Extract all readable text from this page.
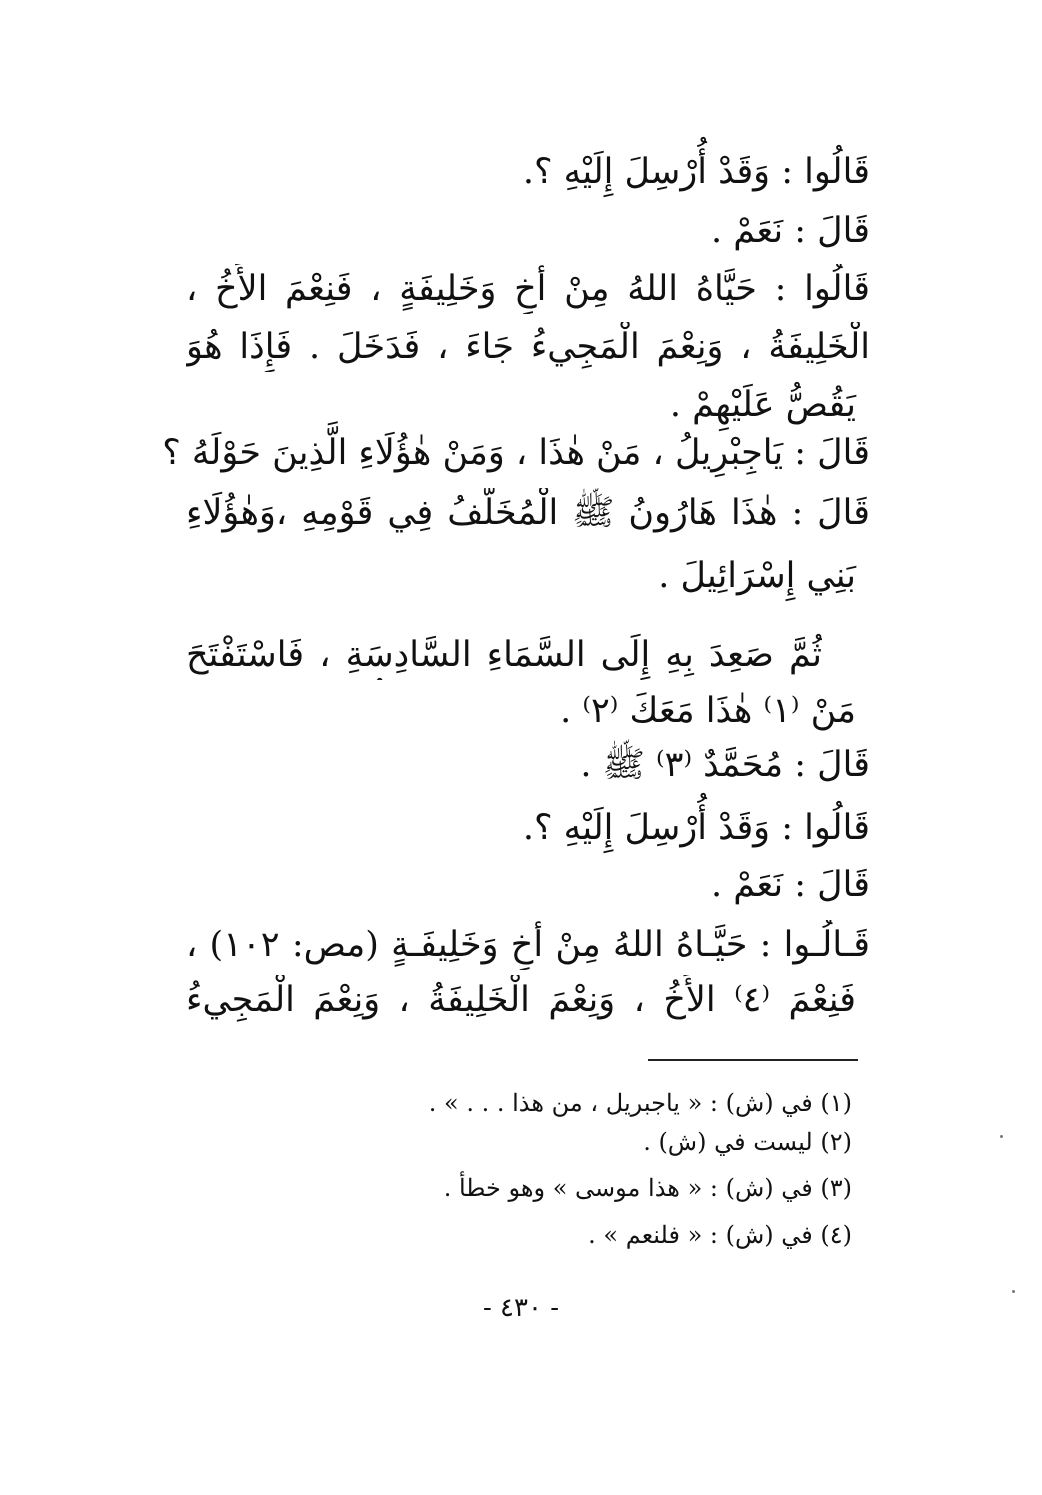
قَالُوا : وَقَدْ أُرْسِلَ إِلَيْهِ ؟.
قَالَ : نَعَمْ .
قَالُوا : حَيَّاهُ اللهُ مِنْ أَخٍ وَخَلِيفَةٍ ، فَنِعْمَ الأَخُ ،
الْخَلِيفَةُ ، وَنِعْمَ الْمَجِيءُ جَاءَ ، فَدَخَلَ . فَإِذَا هُوَ
يَقُصُّ عَلَيْهِمْ .
قَالَ : يَاجِبْرِيلُ ، مَنْ هٰذَا ، وَمَنْ هٰؤُلَاءِ الَّذِينَ حَوْلَهُ ؟
قَالَ : هٰذَا هَارُونُ ﷺ الْمُخَلَّفُ فِي قَوْمِهِ ،وَهٰؤُلَاءِ
بَنِي إِسْرَائِيلَ .
ثُمَّ صَعِدَ بِهِ إِلَى السَّمَاءِ السَّادِسَةِ ، فَاسْتَفْتَحَ
مَنْ ⁽١⁾ هٰذَا مَعَكَ ⁽٢⁾ .
قَالَ : مُحَمَّدٌ ⁽٣⁾ ﷺ .
قَالُوا : وَقَدْ أُرْسِلَ إِلَيْهِ ؟.
قَالَ : نَعَمْ .
قَـالُـوا : حَيَّـاهُ اللهُ مِنْ أَخٍ وَخَلِيفَـةٍ (مص: ١٠٢) ،
فَنِعْمَ ⁽٤⁾ الأَخُ ، وَنِعْمَ الْخَلِيفَةُ ، وَنِعْمَ الْمَجِيءُ
(١) في (ش) : « ياجبريل ، من هذا . . . » .
(٢) ليست في (ش) .
(٣) في (ش) : « هذا موسى » وهو خطأ .
(٤) في (ش) : « فلنعم » .
- ٤٣٠ -
